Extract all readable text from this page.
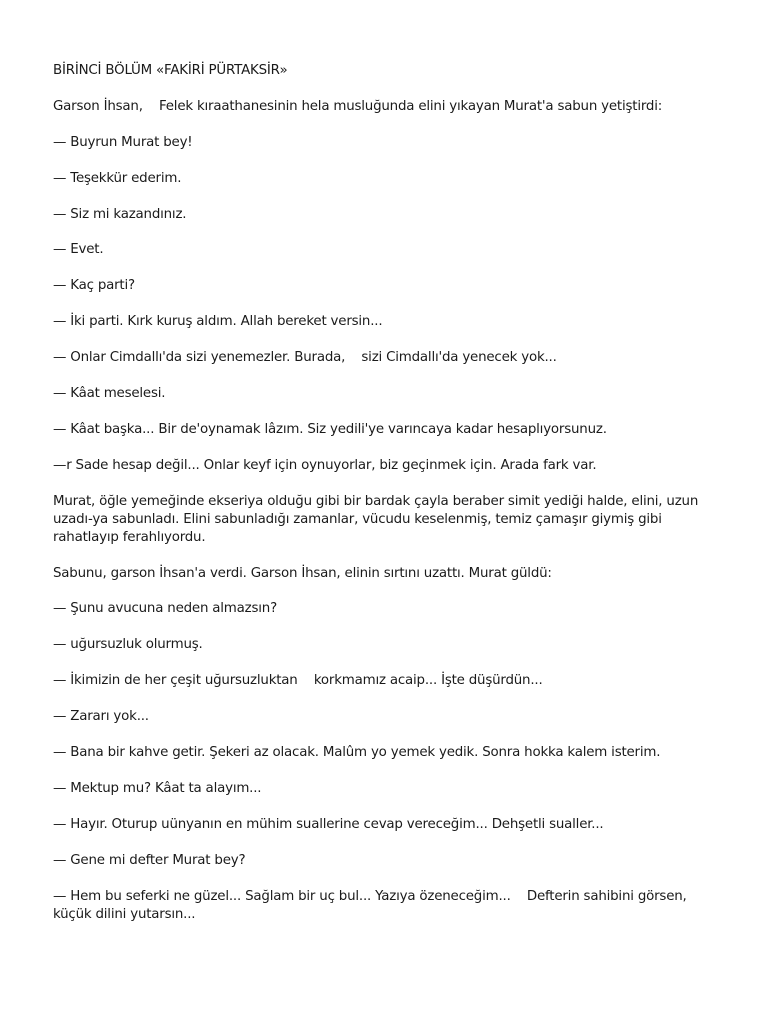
BİRİNCİ BÖLÜM «FAKİRİ PÜRTAKSİR»

Garson İhsan,    Felek kıraathanesinin hela musluğunda elini yıkayan Murat'a sabun yetiştirdi:

— Buyrun Murat bey!

— Teşekkür ederim.

— Siz mi kazandınız.

— Evet.

— Kaç parti?

— İki parti. Kırk kuruş aldım. Allah bereket versin...

— Onlar Cimdallı'da sizi yenemezler. Burada,    sizi Cimdallı'da yenecek yok...

— Kâat meselesi.

— Kâat başka... Bir de'oynamak lâzım. Siz yedili'ye varıncaya kadar hesaplıyorsunuz.

—r Sade hesap değil... Onlar keyf için oynuyorlar, biz geçinmek için. Arada fark var.

Murat, öğle yemeğinde ekseriya olduğu gibi bir bardak çayla beraber simit yediği halde, elini, uzun uzadı-ya sabunladı. Elini sabunladığı zamanlar, vücudu keselenmiş, temiz çamaşır giymiş gibi rahatlayıp ferahlıyordu.

Sabunu, garson İhsan'a verdi. Garson İhsan, elinin sırtını uzattı. Murat güldü:

— Şunu avucuna neden almazsın?

— uğursuzluk olurmuş.

— İkimizin de her çeşit uğursuzluktan    korkmamız acaip... İşte düşürdün...

— Zararı yok...

— Bana bir kahve getir. Şekeri az olacak. Malûm yo yemek yedik. Sonra hokka kalem isterim.

— Mektup mu? Kâat ta alayım...

— Hayır. Oturup uünyanın en mühim suallerine cevap vereceğim... Dehşetli sualler...

— Gene mi defter Murat bey?

— Hem bu seferki ne güzel... Sağlam bir uç bul... Yazıya özeneceğim...    Defterin sahibini görsen,    küçük dilini yutarsın...
